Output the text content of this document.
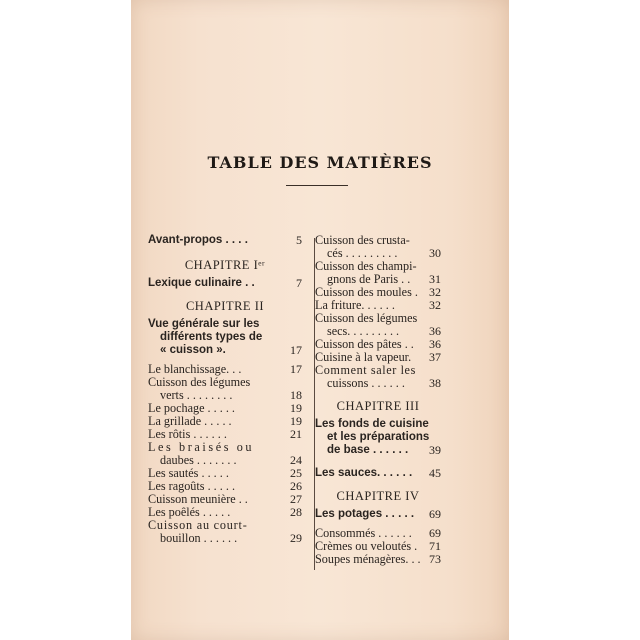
TABLE DES MATIÈRES
Avant-propos . . . .	5
CHAPITRE Iᵉʳ
Lexique culinaire . .	7
CHAPITRE II
Vue générale sur les
différents types de
« cuisson ».	17
Le blanchissage. . .	17
Cuisson des légumes
verts . . . . . . . .	18
Le pochage . . . . .	19
La grillade . . . . .	19
Les rôtis . . . . . .	21
Les braisés ou
daubes . . . . . . .	24
Les sautés . . . . .	25
Les ragoûts . . . . .	26
Cuisson meunière . .	27
Les poêlés . . . . .	28
Cuisson au court-
bouillon . . . . . .	29
Cuisson des crusta-
cés . . . . . . . . .	30
Cuisson des champi-
gnons de Paris . . 31
Cuisson des moules . 32
La friture. . . . . .	32
Cuisson des légumes
secs. . . . . . . . . 36
Cuisson des pâtes . . 36
Cuisine à la vapeur. 37
Comment saler les
cuissons . . . . . . 38
CHAPITRE III
Les fonds de cuisine
et les préparations
de base . . . . . . 39
Les sauces. . . . . . 45
CHAPITRE IV
Les potages . . . . . 69
Consommés . . . . . . 69
Crèmes ou veloutés . 71
Soupes ménagères. . . 73
